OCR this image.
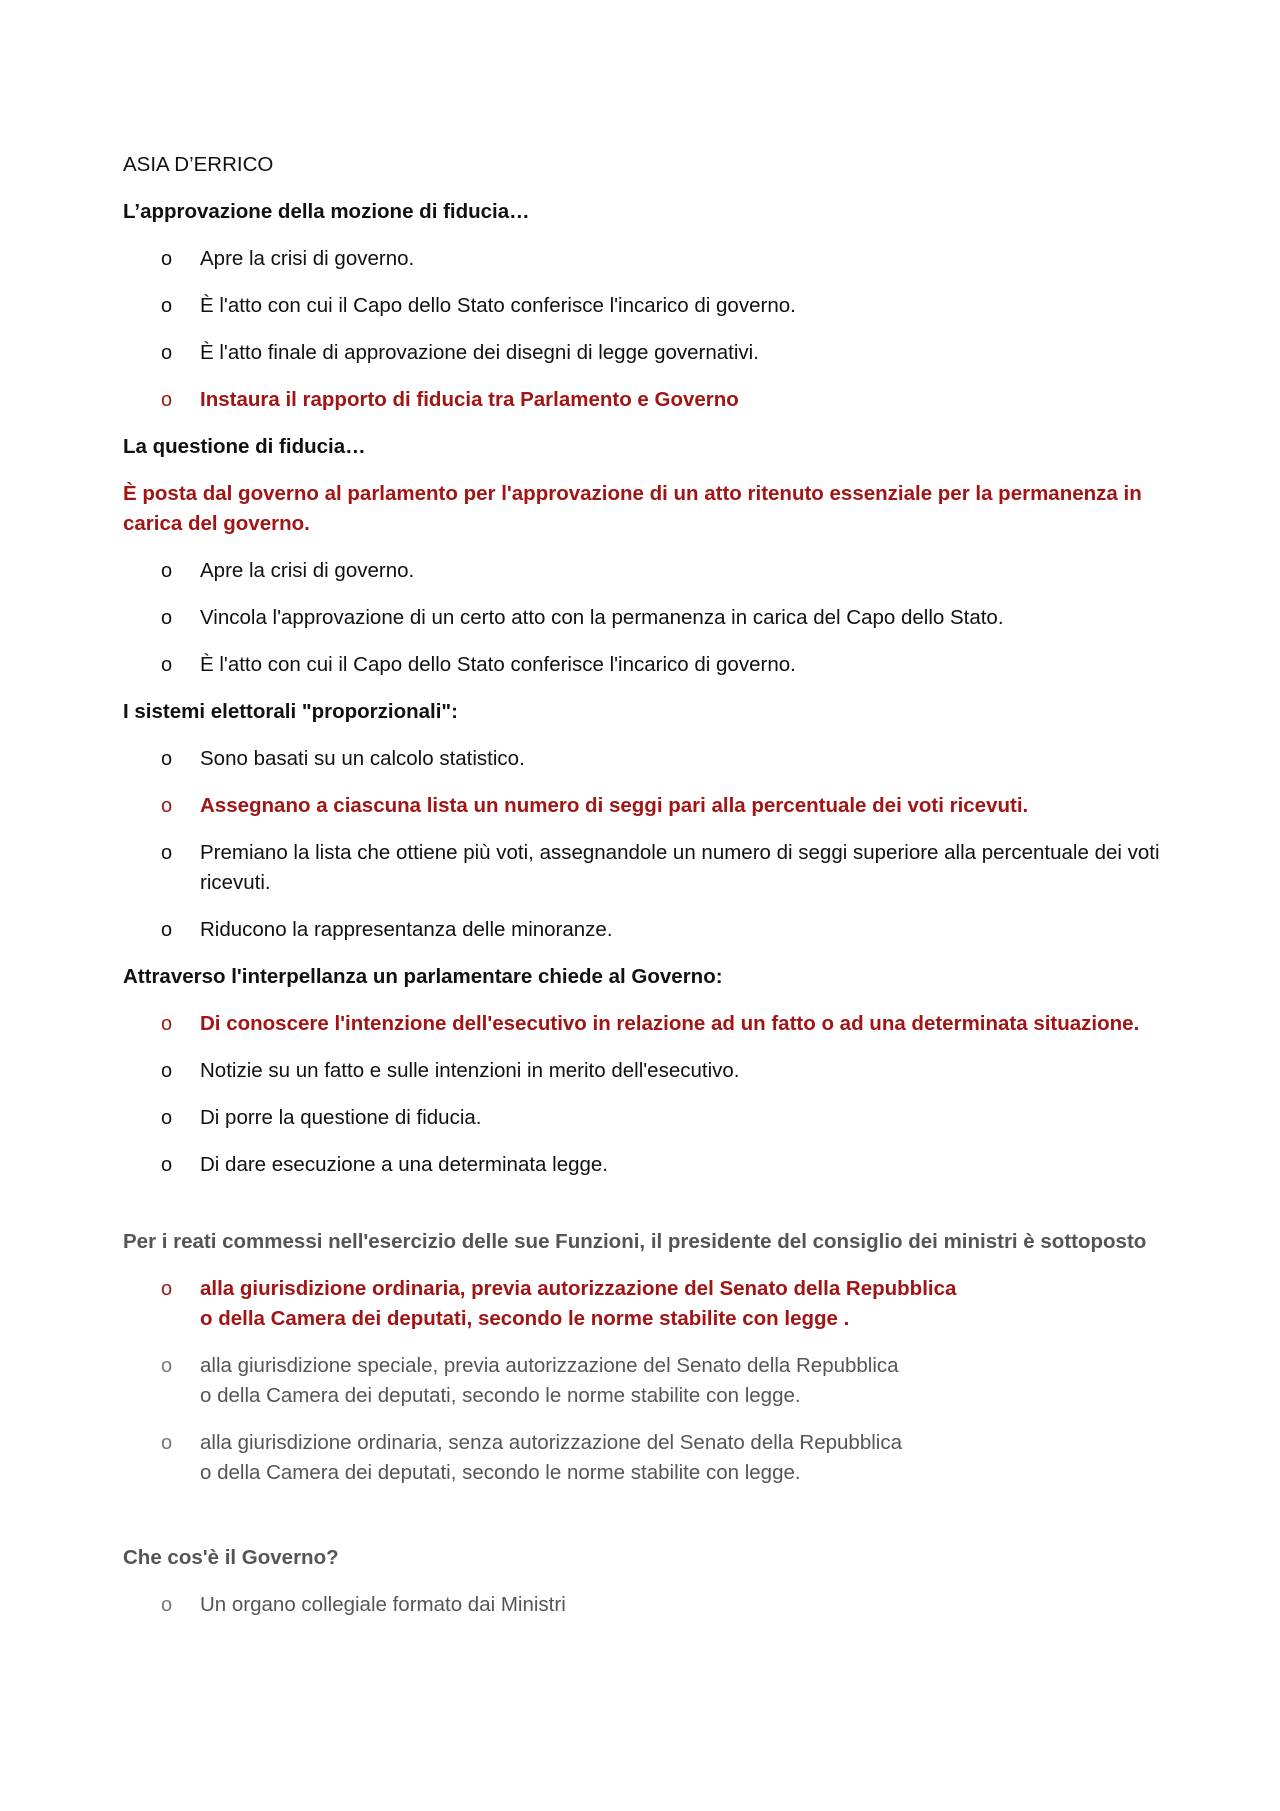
ASIA D’ERRICO
L’approvazione della mozione di fiducia…
o Apre la crisi di governo.
o È l'atto con cui il Capo dello Stato conferisce l'incarico di governo.
o È l'atto finale di approvazione dei disegni di legge governativi.
o Instaura il rapporto di fiducia tra Parlamento e Governo
La questione di fiducia…
È posta dal governo al parlamento per l'approvazione di un atto ritenuto essenziale per la permanenza in carica del governo.
o Apre la crisi di governo.
o Vincola l'approvazione di un certo atto con la permanenza in carica del Capo dello Stato.
o È l'atto con cui il Capo dello Stato conferisce l'incarico di governo.
I sistemi elettorali "proporzionali":
o Sono basati su un calcolo statistico.
o Assegnano a ciascuna lista un numero di seggi pari alla percentuale dei voti ricevuti.
o Premiano la lista che ottiene più voti, assegnandole un numero di seggi superiore alla percentuale dei voti ricevuti.
o Riducono la rappresentanza delle minoranze.
Attraverso l'interpellanza un parlamentare chiede al Governo:
o Di conoscere l'intenzione dell'esecutivo in relazione ad un fatto o ad una determinata situazione.
o Notizie su un fatto e sulle intenzioni in merito dell'esecutivo.
o Di porre la questione di fiducia.
o Di dare esecuzione a una determinata legge.
Per i reati commessi nell'esercizio delle sue Funzioni, il presidente del consiglio dei ministri è sottoposto
o alla giurisdizione ordinaria, previa autorizzazione del Senato della Repubblica
o della Camera dei deputati, secondo le norme stabilite con legge .
o alla giurisdizione speciale, previa autorizzazione del Senato della Repubblica
o della Camera dei deputati, secondo le norme stabilite con legge.
o alla giurisdizione ordinaria, senza autorizzazione del Senato della Repubblica
o della Camera dei deputati, secondo le norme stabilite con legge.
Che cos'è il Governo?
o Un organo collegiale formato dai Ministri
